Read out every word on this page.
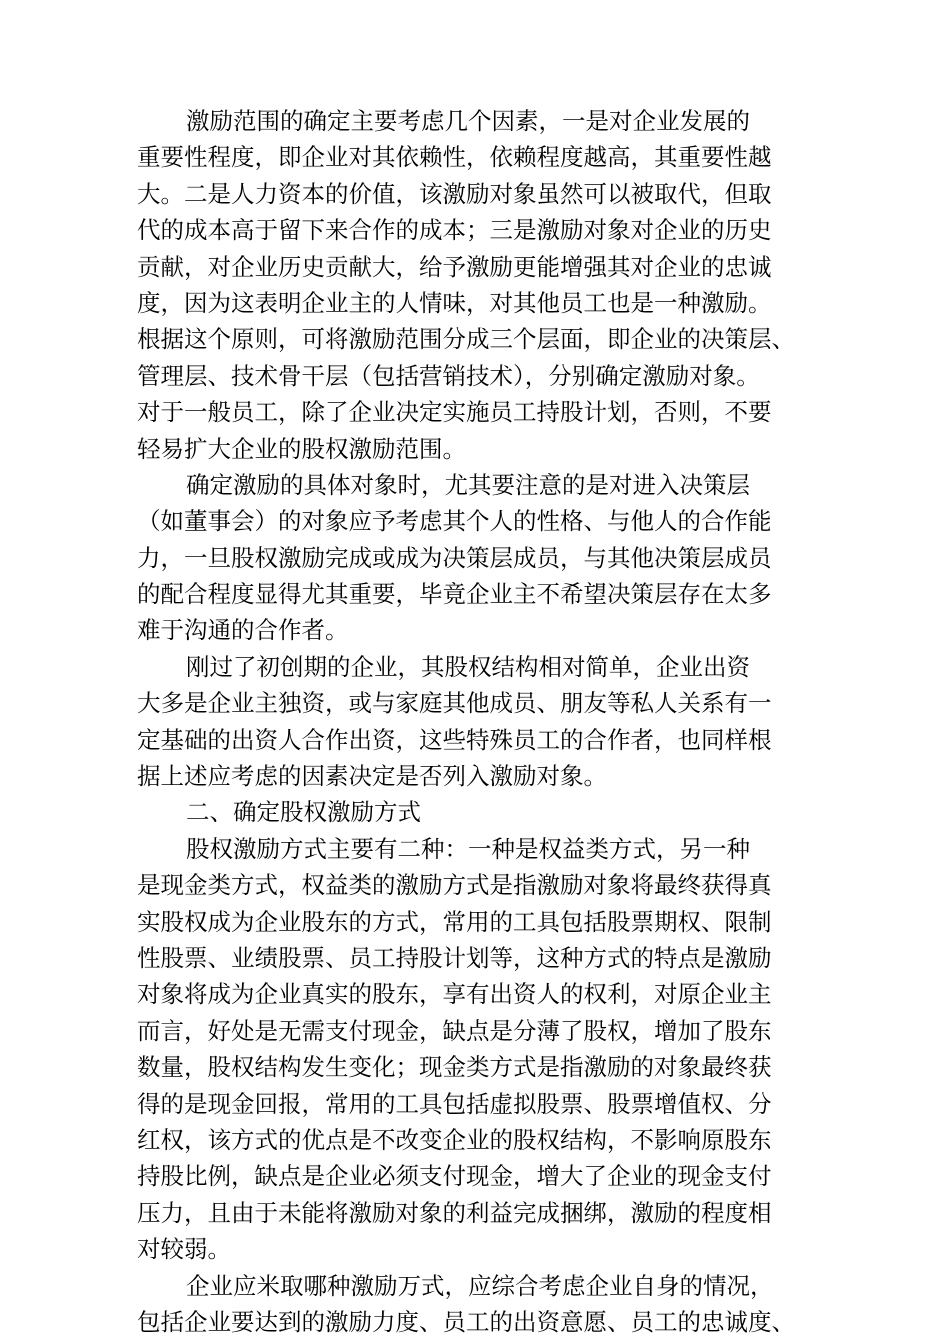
激励范围的确定主要考虑几个因素，一是对企业发展的
重要性程度，即企业对其依赖性，依赖程度越高，其重要性越
大。二是人力资本的价值，该激励对象虽然可以被取代，但取
代的成本高于留下来合作的成本；三是激励对象对企业的历史
贡献，对企业历史贡献大，给予激励更能增强其对企业的忠诚
度，因为这表明企业主的人情味，对其他员工也是一种激励。
根据这个原则，可将激励范围分成三个层面，即企业的决策层、
管理层、技术骨干层（包括营销技术），分别确定激励对象。
对于一般员工，除了企业决定实施员工持股计划，否则，不要
轻易扩大企业的股权激励范围。
确定激励的具体对象时，尤其要注意的是对进入决策层
（如董事会）的对象应予考虑其个人的性格、与他人的合作能
力，一旦股权激励完成或成为决策层成员，与其他决策层成员
的配合程度显得尤其重要，毕竟企业主不希望决策层存在太多
难于沟通的合作者。
刚过了初创期的企业，其股权结构相对简单，企业出资
大多是企业主独资，或与家庭其他成员、朋友等私人关系有一
定基础的出资人合作出资，这些特殊员工的合作者，也同样根
据上述应考虑的因素决定是否列入激励对象。
二、确定股权激励方式
股权激励方式主要有二种：一种是权益类方式，另一种
是现金类方式，权益类的激励方式是指激励对象将最终获得真
实股权成为企业股东的方式，常用的工具包括股票期权、限制
性股票、业绩股票、员工持股计划等，这种方式的特点是激励
对象将成为企业真实的股东，享有出资人的权利，对原企业主
而言，好处是无需支付现金，缺点是分薄了股权，增加了股东
数量，股权结构发生变化；现金类方式是指激励的对象最终获
得的是现金回报，常用的工具包括虚拟股票、股票增值权、分
红权，该方式的优点是不改变企业的股权结构，不影响原股东
持股比例，缺点是企业必须支付现金，增大了企业的现金支付
压力，且由于未能将激励对象的利益完成捆绑，激励的程度相
对较弱。
企业应米取哪种激励万式，应综合考虑企业自身的情况，
包括企业要达到的激励力度、员工的出资意愿、员工的忠诚度、
